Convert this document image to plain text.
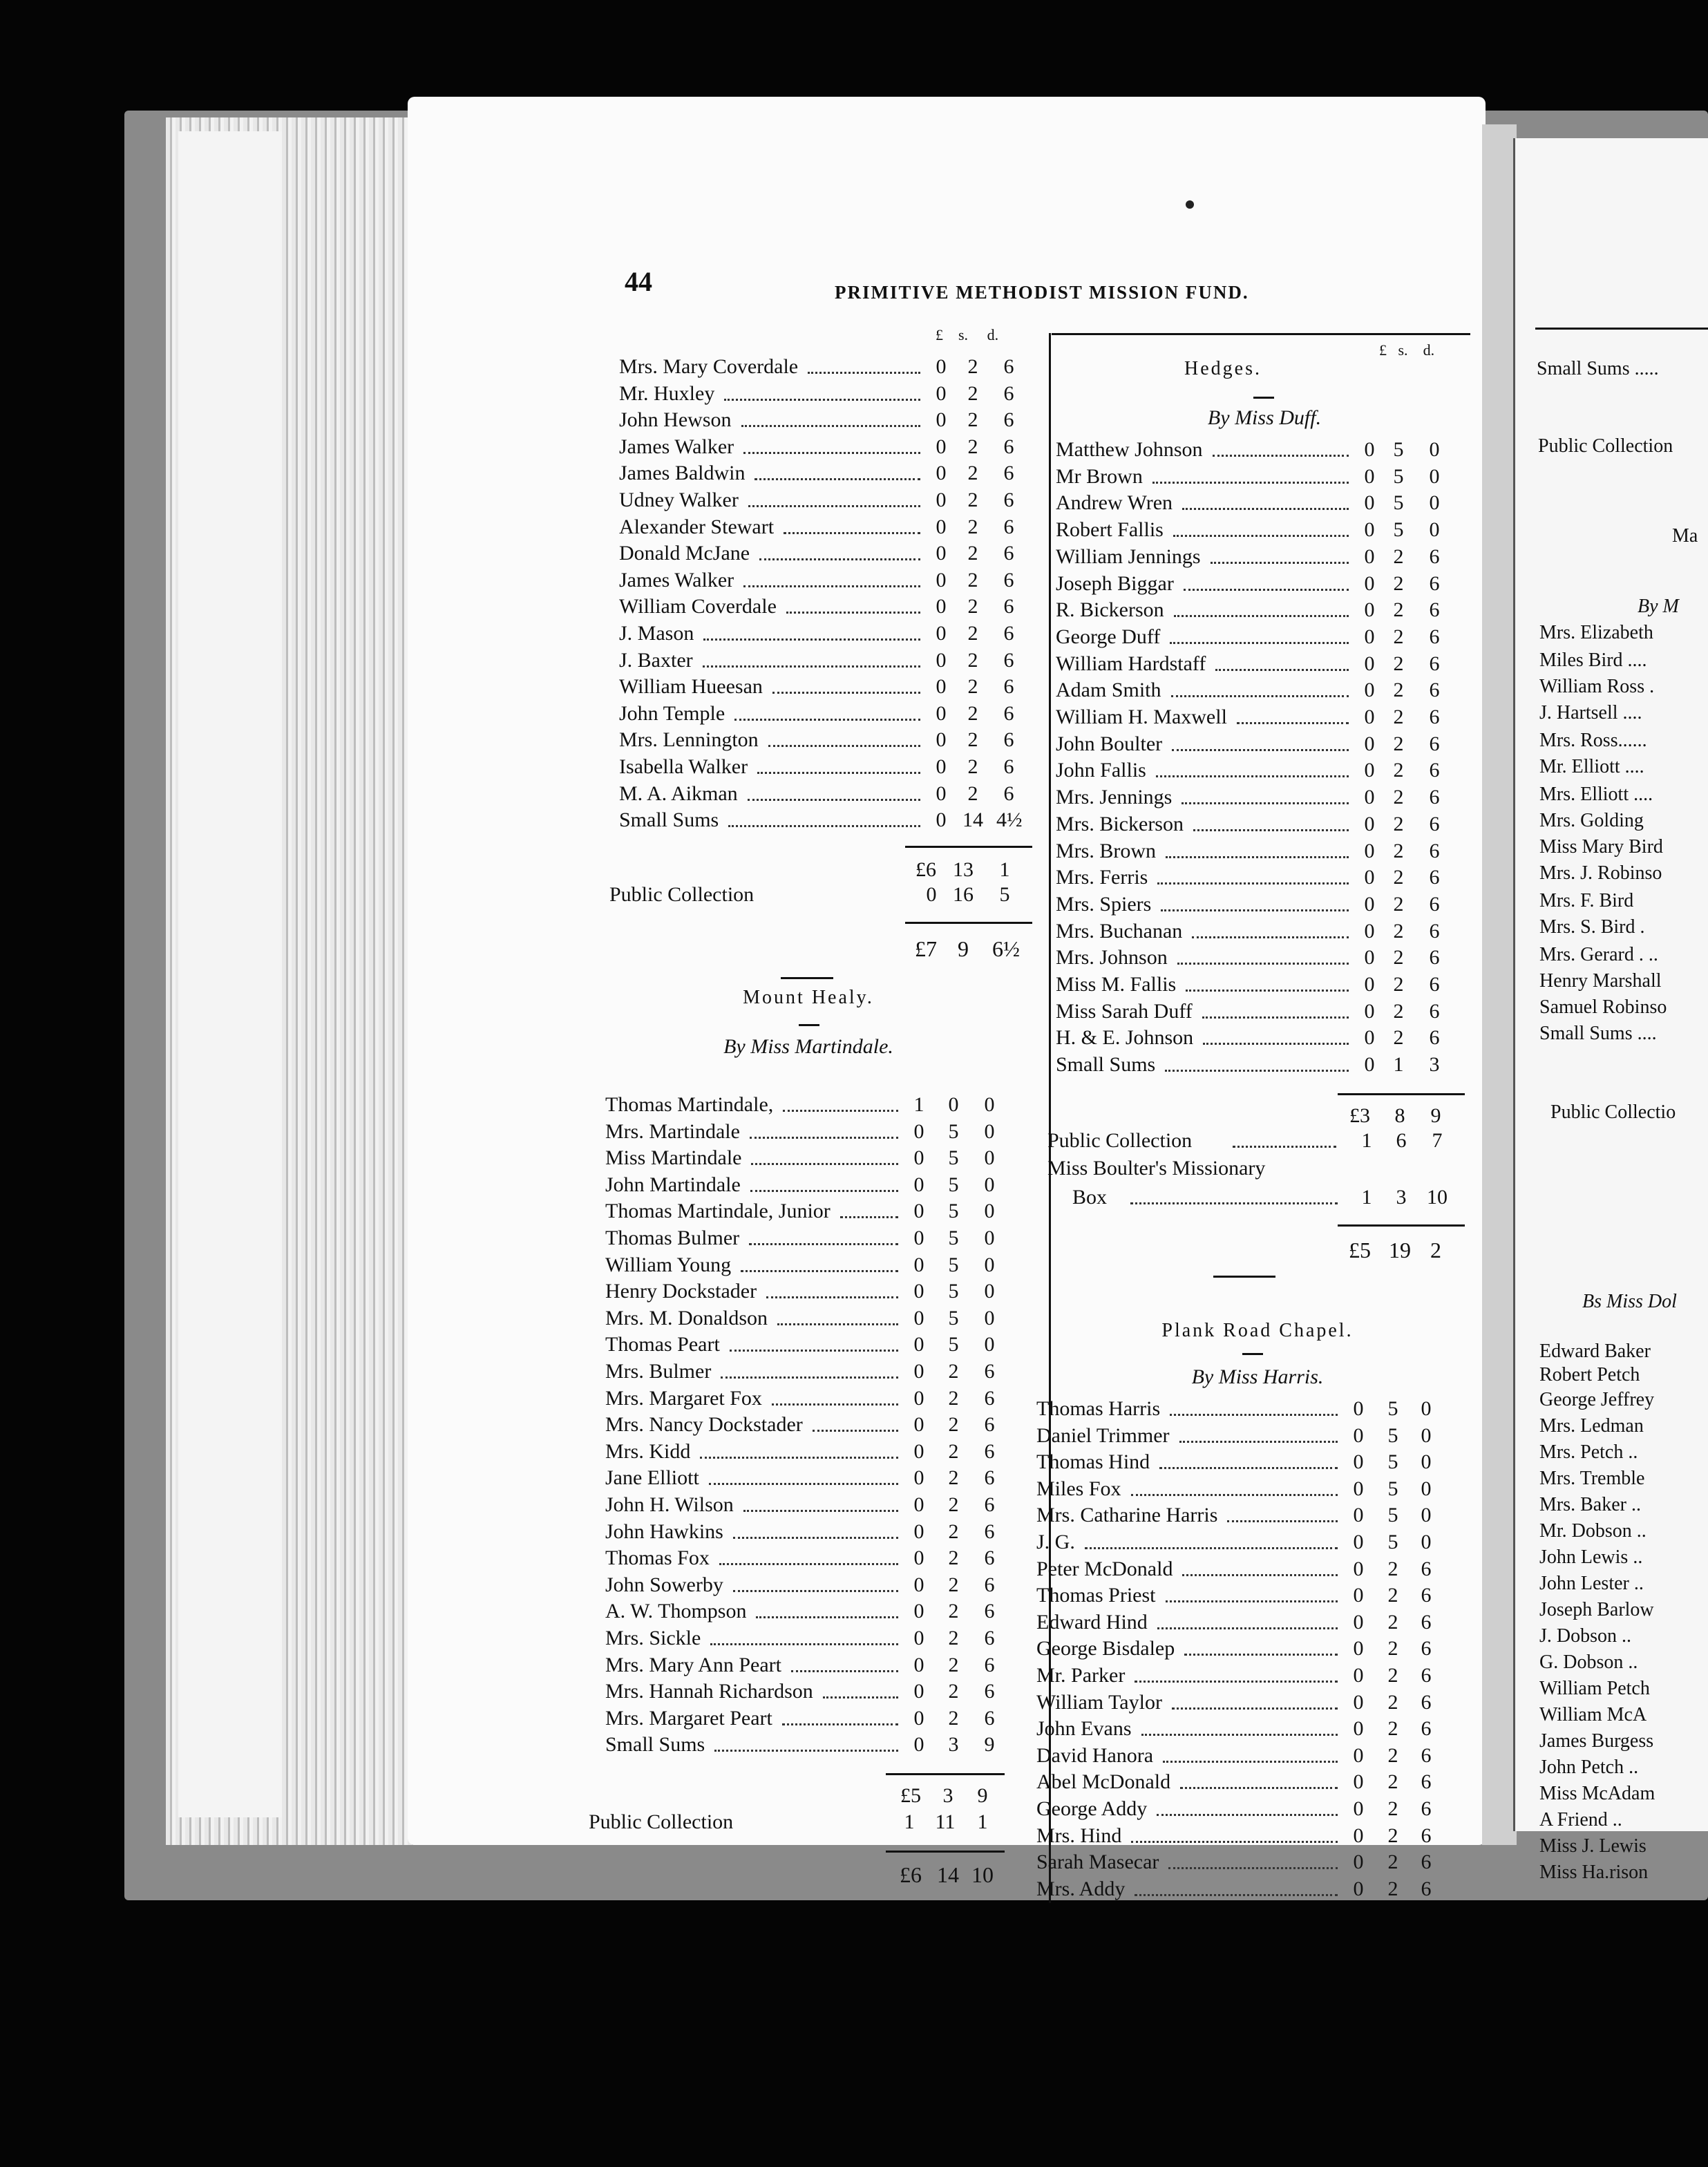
44	PRIMITIVE METHODIST MISSION FUND.
£ s. d.
£ s. d.
Mrs. Mary Coverdale	0	2	6
Mr. Huxley	0	2	6
John Hewson	0	2	6
James Walker	0	2	6
James Baldwin	0	2	6
Udney Walker	0	2	6
Alexander Stewart	0	2	6
Donald McJane	0	2	6
James Walker	0	2	6
William Coverdale	0	2	6
J. Mason	0	2	6
J. Baxter	0	2	6
William Hueesan	0	2	6
John Temple	0	2	6
Mrs. Lennington	0	2	6
Isabella Walker	0	2	6
M. A. Aikman	0	2	6
Small Sums	0 14 4½
£6 13	1
Public Collection	0 16	5
£7 9	6½
Mount Healy.
By Miss Martindale.
Thomas Martindale,	1	0	0
Mrs. Martindale	0	5	0
Miss Martindale	0	5	0
John Martindale	0	5	0
Thomas Martindale, Junior	0	5	0
Thomas Bulmer	0	5	0
William Young	0	5	0
Henry Dockstader	0	5	0
Mrs. M. Donaldson	0	5	0
Thomas Peart	0	5	0
Mrs. Bulmer	0	2	6
Mrs. Margaret Fox	0	2	6
Mrs. Nancy Dockstader	0	2	6
Mrs. Kidd	0	2	6
Jane Elliott	0	2	6
John H. Wilson	0	2	6
John Hawkins	0	2	6
Thomas Fox	0	2	6
John Sowerby	0	2	6
A. W. Thompson	0	2	6
Mrs. Sickle	0	2	6
Mrs. Mary Ann Peart	0	2	6
Mrs. Hannah Richardson	0	2	6
Mrs. Margaret Peart	0	2	6
Small Sums	0	3	9
£5	3	9
Public Collection	1	11	1
£6 14 10
Hedges.
By Miss Duff.
Matthew Johnson	0 5	0
Mr Brown	0 5	0
Andrew Wren	0 5	0
Robert Fallis	0 5	0
William Jennings	0 2	6
Joseph Biggar	0 2	6
R. Bickerson	0 2	6
George Duff	0 2	6
William Hardstaff	0 2	6
Adam Smith	0 2	6
William H. Maxwell	0 2	6
John Boulter	0 2	6
John Fallis	0 2	6
Mrs. Jennings	0 2	6
Mrs. Bickerson	0 2	6
Mrs. Brown	0 2	6
Mrs. Ferris	0 2	6
Mrs. Spiers	0 2	6
Mrs. Buchanan	0 2	6
Mrs. Johnson	0 2	6
Miss M. Fallis	0 2	6
Miss Sarah Duff	0 2	6
H. & E. Johnson	0 2	6
Small Sums	0 1	3
£3	8	9
Public Collection	1	6	7
Miss Boulter's Missionary
Box	1	3 10
£5 19 2
Plank Road Chapel.
By Miss Harris.
Thomas Harris	0	5	0
Daniel Trimmer	0	5	0
Thomas Hind	0	5	0
Miles Fox	0	5	0
Mrs. Catharine Harris	0	5	0
J. G.	0	5	0
Peter McDonald	0	2	6
Thomas Priest	0	2	6
Edward Hind	0	2	6
George Bisdalep	0	2	6
Mr. Parker	0	2	6
William Taylor	0	2	6
John Evans	0	2	6
David Hanora	0	2	6
Abel McDonald	0	2	6
George Addy	0	2	6
Mrs. Hind	0	2	6
Sarah Masecar	0	2	6
Mrs. Addy	0	2	6
Small Sums .....
Public Collection
Ma
By M
Mrs. Elizabeth
Miles Bird ....
William Ross .
J. Hartsell ....
Mrs. Ross......
Mr. Elliott ....
Mrs. Elliott ....
Mrs. Golding
Miss Mary Bird
Mrs. J. Robinso
Mrs. F. Bird
Mrs. S. Bird .
Mrs. Gerard . ..
Henry Marshall
Samuel Robinso
Small Sums ....
Public Collectio
Bs Miss Dol
Edward Baker
Robert Petch
George Jeffrey
Mrs. Ledman
Mrs. Petch ..
Mrs. Tremble
Mrs. Baker ..
Mr. Dobson ..
John Lewis ..
John Lester ..
Joseph Barlow
J. Dobson ..
G. Dobson ..
William Petch
William McA
James Burgess
John Petch ..
Miss McAdam
A Friend ..
Miss J. Lewis
Miss Ha.rison
